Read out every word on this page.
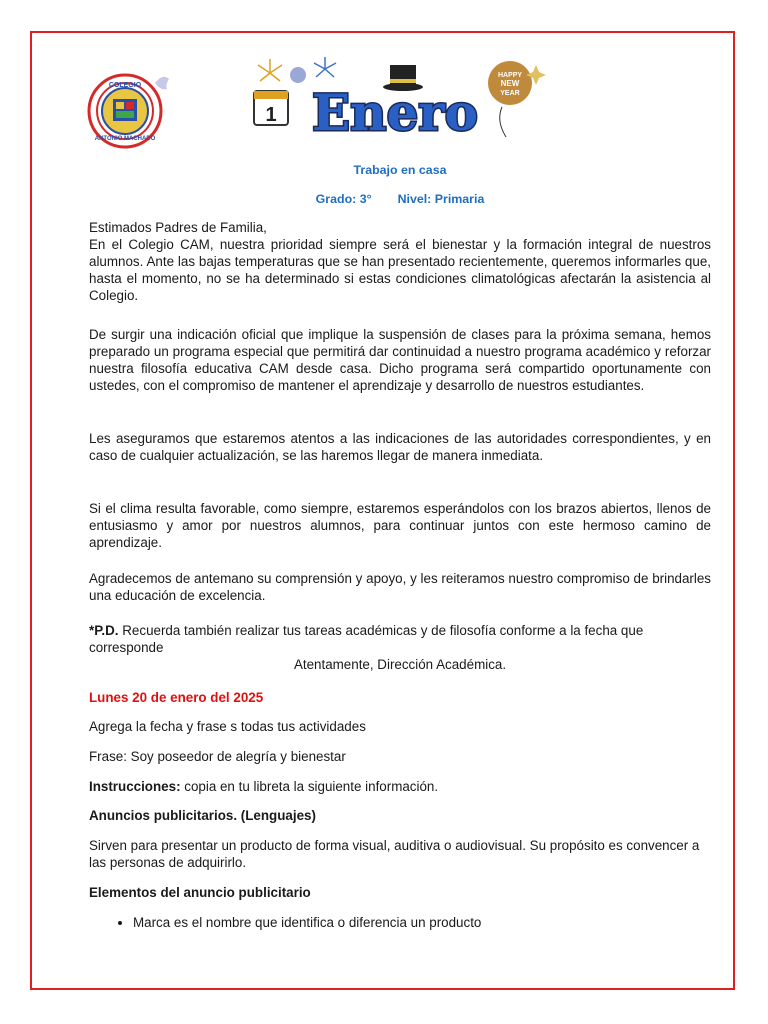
COLEGIO
ANTONIO MACHADO
1 Enero
HAPPY
NEW
YEAR
Trabajo en casa
Grado: 3° Nivel: Primaria

Estimados Padres de Familia,

En el Colegio CAM, nuestra prioridad siempre será el bienestar y la formación integral de nuestros alumnos. Ante las bajas temperaturas que se han presentado recientemente, queremos informarles que, hasta el momento, no se ha determinado si estas condiciones climatológicas afectarán la asistencia al Colegio.

De surgir una indicación oficial que implique la suspensión de clases para la próxima semana, hemos preparado un programa especial que permitirá dar continuidad a nuestro programa académico y reforzar nuestra filosofía educativa CAM desde casa. Dicho programa será compartido oportunamente con ustedes, con el compromiso de mantener el aprendizaje y desarrollo de nuestros estudiantes.
Les aseguramos que estaremos atentos a las indicaciones de las autoridades correspondientes, y en caso de cualquier actualización, se las haremos llegar de manera inmediata.
Si el clima resulta favorable, como siempre, estaremos esperándolos con los brazos abiertos, llenos de entusiasmo y amor por nuestros alumnos, para continuar juntos con este hermoso camino de aprendizaje.
Agradecemos de antemano su comprensión y apoyo, y les reiteramos nuestro compromiso de brindarles una educación de excelencia.
*P.D. Recuerda también realizar tus tareas académicas y de filosofía conforme a la fecha que corresponde
Atentamente, Dirección Académica.
Lunes 20 de enero del 2025
Agrega la fecha y frase s todas tus actividades
Frase: Soy poseedor de alegría y bienestar
Instrucciones: copia en tu libreta la siguiente información.
Anuncios publicitarios. (Lenguajes)
Sirven para presentar un producto de forma visual, auditiva o audiovisual. Su propósito es convencer a las personas de adquirirlo.
Elementos del anuncio publicitario
• Marca es el nombre que identifica o diferencia un producto
